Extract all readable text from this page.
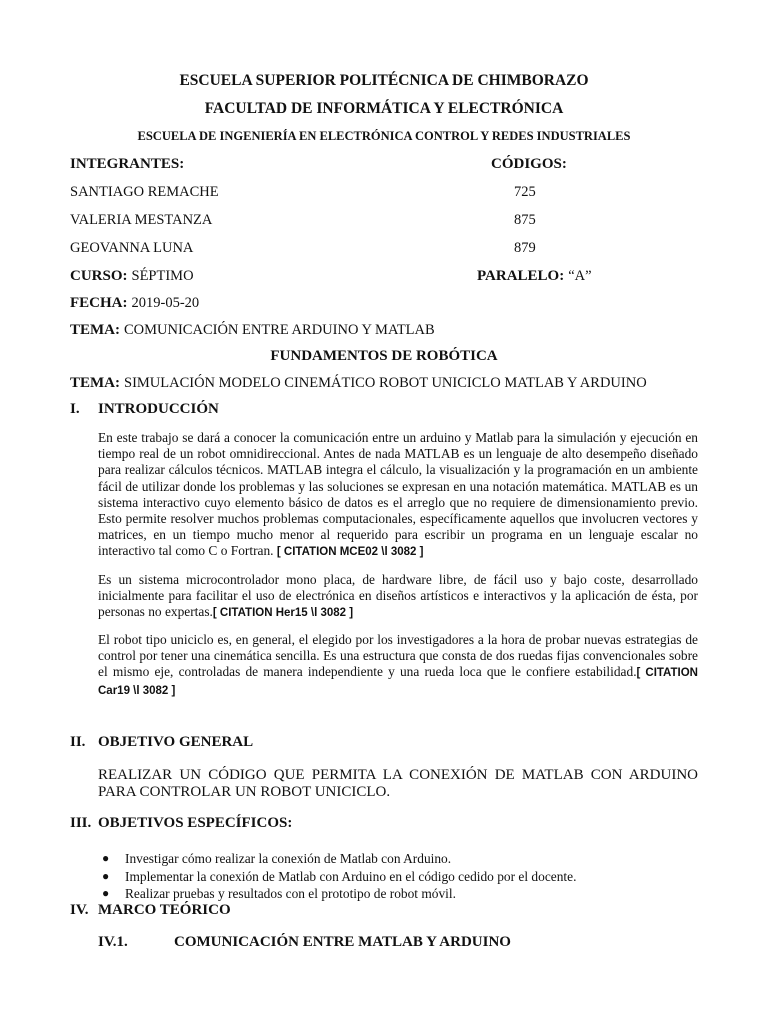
ESCUELA SUPERIOR POLITÉCNICA DE CHIMBORAZO
FACULTAD DE INFORMÁTICA Y ELECTRÓNICA
ESCUELA DE INGENIERÍA EN ELECTRÓNICA CONTROL Y REDES INDUSTRIALES
INTEGRANTES:	CÓDIGOS:
SANTIAGO REMACHE	725
VALERIA MESTANZA	875
GEOVANNA LUNA	879
CURSO: SÉPTIMO	PARALELO: “A”
FECHA: 2019-05-20
TEMA: COMUNICACIÓN ENTRE ARDUINO Y MATLAB
FUNDAMENTOS DE ROBÓTICA
TEMA: SIMULACIÓN MODELO CINEMÁTICO ROBOT UNICICLO MATLAB Y ARDUINO
I. INTRODUCCIÓN
En este trabajo se dará a conocer la comunicación entre un arduino y Matlab para la simulación y ejecución en tiempo real de un robot omnidireccional. Antes de nada MATLAB es un lenguaje de alto desempeño diseñado para realizar cálculos técnicos. MATLAB integra el cálculo, la visualización y la programación en un ambiente fácil de utilizar donde los problemas y las soluciones se expresan en una notación matemática. MATLAB es un sistema interactivo cuyo elemento básico de datos es el arreglo que no requiere de dimensionamiento previo. Esto permite resolver muchos problemas computacionales, específicamente aquellos que involucren vectores y matrices, en un tiempo mucho menor al requerido para escribir un programa en un lenguaje escalar no interactivo tal como C o Fortran. [ CITATION MCE02 \l 3082 ]
Es un sistema microcontrolador mono placa, de hardware libre, de fácil uso y bajo coste, desarrollado inicialmente para facilitar el uso de electrónica en diseños artísticos e interactivos y la aplicación de ésta, por personas no expertas.[ CITATION Her15 \l 3082 ]
El robot tipo uniciclo es, en general, el elegido por los investigadores a la hora de probar nuevas estrategias de control por tener una cinemática sencilla. Es una estructura que consta de dos ruedas fijas convencionales sobre el mismo eje, controladas de manera independiente y una rueda loca que le confiere estabilidad.[ CITATION Car19 \l 3082 ]
II. OBJETIVO GENERAL
REALIZAR UN CÓDIGO QUE PERMITA LA CONEXIÓN DE MATLAB CON ARDUINO PARA CONTROLAR UN ROBOT UNICICLO.
III. OBJETIVOS ESPECÍFICOS:
● Investigar cómo realizar la conexión de Matlab con Arduino.
● Implementar la conexión de Matlab con Arduino en el código cedido por el docente.
● Realizar pruebas y resultados con el prototipo de robot móvil.
IV. MARCO TEÓRICO
IV.1.	COMUNICACIÓN ENTRE MATLAB Y ARDUINO
